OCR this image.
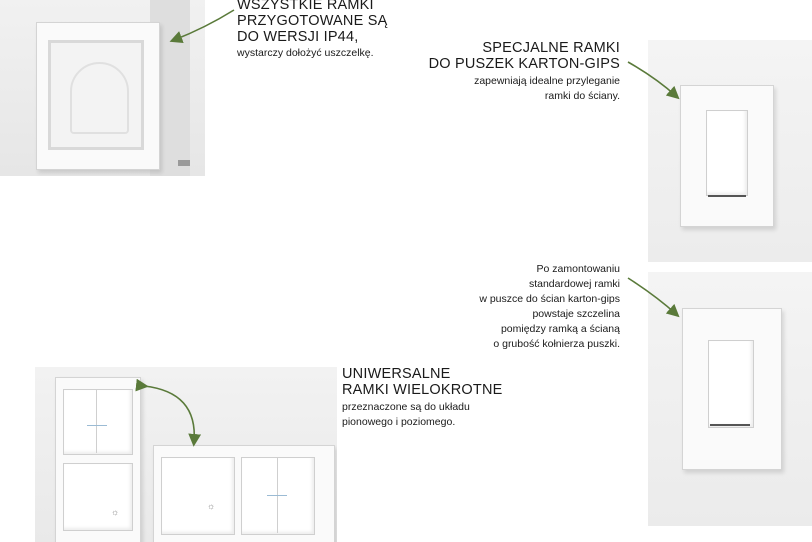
☼
☼
WSZYSTKIE RAMKI
PRZYGOTOWANE SĄ
DO WERSJI IP44,
wystarczy dołożyć uszczelkę.	SPECJALNE RAMKI
DO PUSZEK KARTON-GIPS
zapewniają idealne przyleganie
ramki do ściany.
Po zamontowaniu
standardowej ramki
w puszce do ścian karton-gips
powstaje szczelina
pomiędzy ramką a ścianą
o grubość kołnierza puszki.
UNIWERSALNE
RAMKI WIELOKROTNE
przeznaczone są do układu
pionowego i poziomego.
